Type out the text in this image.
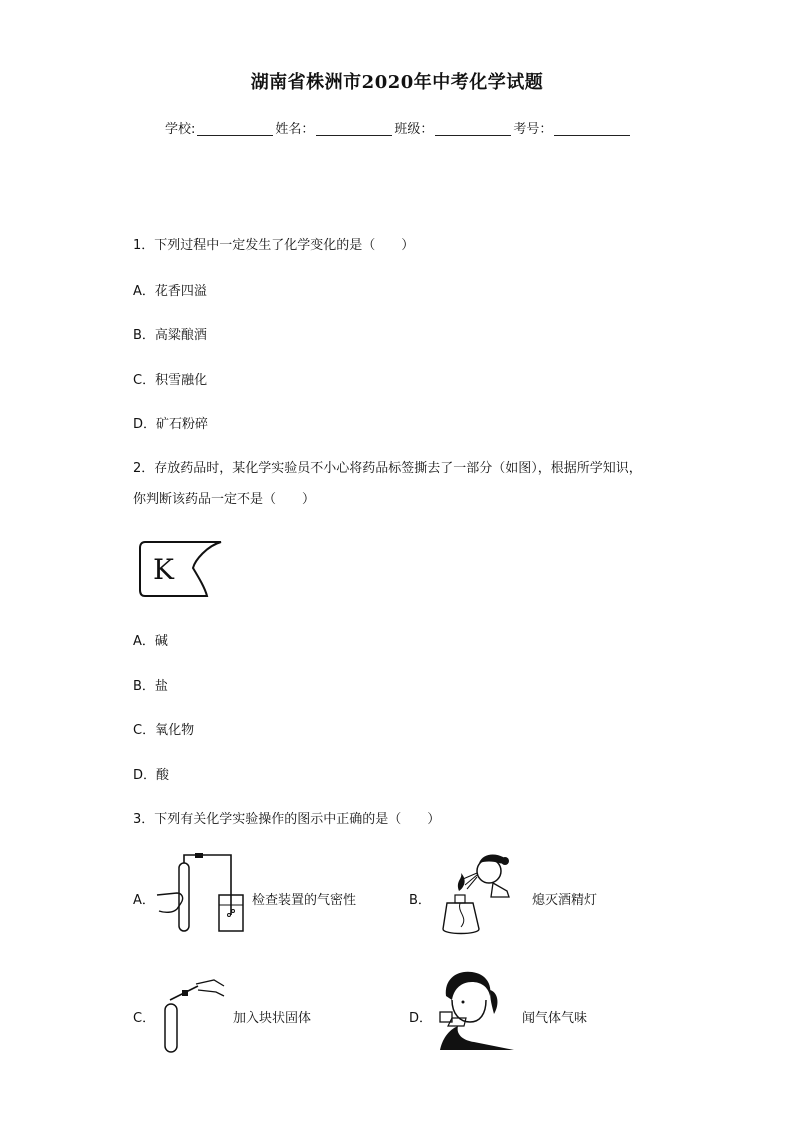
湖南省株洲市2020年中考化学试题
学校:	姓名：	班级：	考号：
1．下列过程中一定发生了化学变化的是（　　）
A．花香四溢
B．高粱酿酒
C．积雪融化
D．矿石粉碎
2．存放药品时，某化学实验员不小心将药品标签撕去了一部分（如图），根据所学知识，
你判断该药品一定不是（　　）
K
A．碱
B．盐
C．氧化物
D．酸
3．下列有关化学实验操作的图示中正确的是（　　）
A．	检查装置的气密性	B．	熄灭酒精灯
C．	加入块状固体	D．	闻气体气味
